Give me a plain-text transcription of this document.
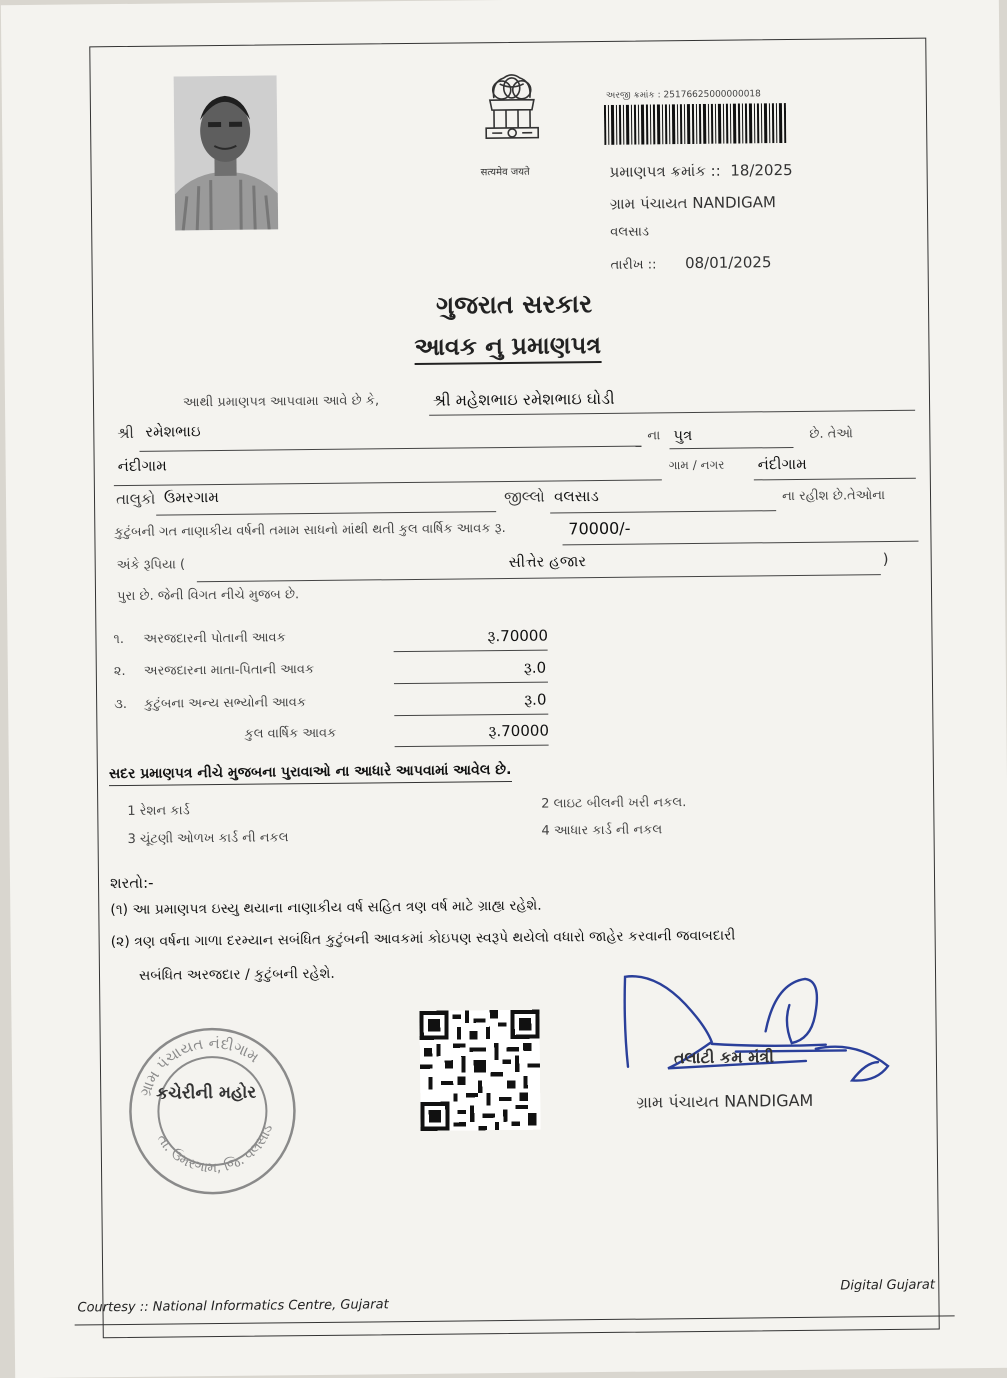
सत्यमेव जयते
અરજી ક્રમાંક : 25176625000000018
પ્રમાણપત્ર ક્રમાંક :: 18/2025
ગ્રામ પંચાયત NANDIGAM
વલસાડ
તારીખ :: 08/01/2025
ગુજરાત સરકાર
આવક નુ પ્રમાણપત્ર
આથી પ્રમાણપત્ર આપવામા આવે છે કે,	શ્રી મહેશભાઇ રમેશભાઇ ઘોડી
શ્રી રમેશભાઇ	ના પુત્ર	છે. તેઓ
નંદીગામ	ગામ / નગર નંદીગામ
તાલુકો ઉમરગામ	જીલ્લો વલસાડ	ના રહીશ છે.તેઓના
કુટુંબની ગત નાણાકીય વર્ષની તમામ સાધનો માંથી થતી કુલ વાર્ષિક આવક રૂ.	70000/-
અંકે રૂપિયા (	સીત્તેર હજાર	)
પુરા છે. જેની વિગત નીચે મુજબ છે.
૧. અરજદારની પોતાની આવક	રૂ.70000
૨. અરજદારના માતા-પિતાની આવક	રૂ.0
૩. કુટુંબના અન્ય સભ્યોની આવક	રૂ.0
કુલ વાર્ષિક આવક	રૂ.70000
સદર પ્રમાણપત્ર નીચે મુજબના પુરાવાઓ ના આધારે આપવામાં આવેલ છે.
1 રેશન કાર્ડ	2 લાઇટ બીલની ખરી નકલ.
3 ચૂંટણી ઓળખ કાર્ડ ની નકલ	4 આધાર કાર્ડ ની નકલ
શરતો:-
(૧) આ પ્રમાણપત્ર ઇસ્યુ થયાના નાણાકીય વર્ષ સહિત ત્રણ વર્ષ માટે ગ્રાહ્ય રહેશે.
(૨) ત્રણ વર્ષના ગાળા દરમ્યાન સબંધિત કુટુંબની આવકમાં કોઇપણ સ્વરૂપે થયેલો વધારો જાહેર કરવાની જવાબદારી
સબંધિત અરજદાર / કુટુંબની રહેશે.
ગ્રામ પંચાયત નંદીગામ
તા. ઉમરગામ, જિ. વલસાડ
કચેરીની મહોર
તલાટી કમ મંત્રી
ગ્રામ પંચાયત NANDIGAM
Courtesy :: National Informatics Centre, Gujarat
Digital Gujarat
